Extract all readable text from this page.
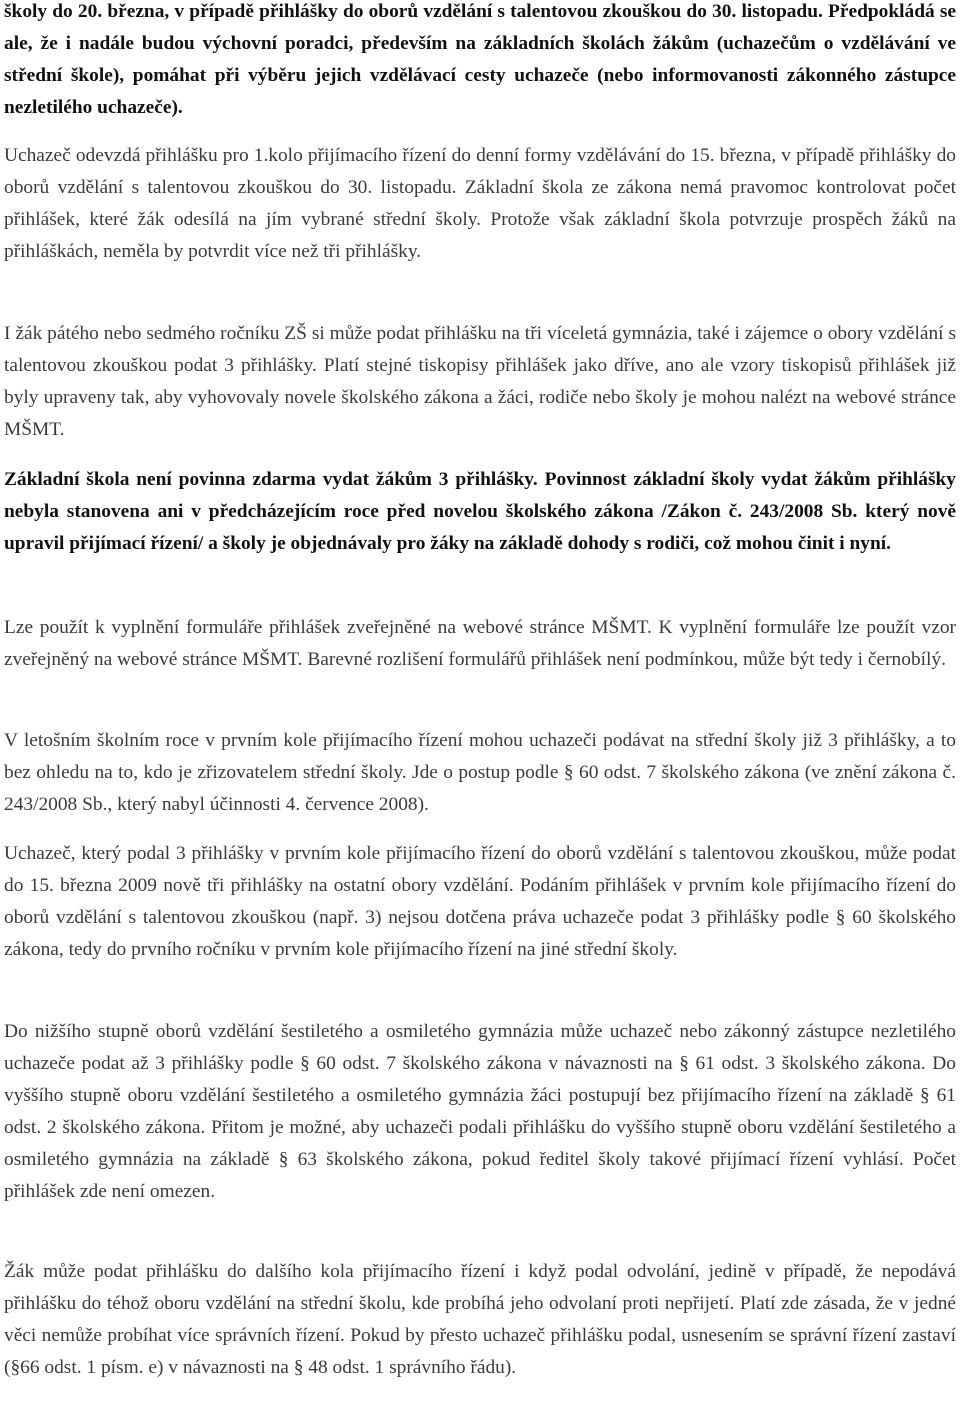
školy do 20. března, v případě přihlášky do oborů vzdělání s talentovou zkouškou do 30. listopadu. Předpokládá se ale, že i nadále budou výchovní poradci, především na základních školách žákům (uchazečům o vzdělávání ve střední škole), pomáhat při výběru jejich vzdělávací cesty uchazeče (nebo informovanosti zákonného zástupce nezletilého uchazeče).

Uchazeč odevzdá přihlášku pro 1.kolo přijímacího řízení do denní formy vzdělávání do 15. března, v případě přihlášky do oborů vzdělání s talentovou zkouškou do 30. listopadu. Základní škola ze zákona nemá pravomoc kontrolovat počet přihlášek, které žák odesílá na jím vybrané střední školy. Protože však základní škola potvrzuje prospěch žáků na přihláškách, neměla by potvrdit více než tři přihlášky.

I žák pátého nebo sedmého ročníku ZŠ si může podat přihlášku na tři víceletá gymnázia, také i zájemce o obory vzdělání s talentovou zkouškou podat 3 přihlášky. Platí stejné tiskopisy přihlášek jako dříve, ano ale vzory tiskopisů přihlášek již byly upraveny tak, aby vyhovovaly novele školského zákona a žáci, rodiče nebo školy je mohou nalézt na webové stránce MŠMT.

Základní škola není povinna zdarma vydat žákům 3 přihlášky. Povinnost základní školy vydat žákům přihlášky nebyla stanovena ani v předcházejícím roce před novelou školského zákona /Zákon č. 243/2008 Sb. který nově upravil přijímací řízení/ a školy je objednávaly pro žáky na základě dohody s rodiči, což mohou činit i nyní.

Lze použít k vyplnění formuláře přihlášek zveřejněné na webové stránce MŠMT. K vyplnění formuláře lze použít vzor zveřejněný na webové stránce MŠMT. Barevné rozlišení formulářů přihlášek není podmínkou, může být tedy i černobílý.

V letošním školním roce v prvním kole přijímacího řízení mohou uchazeči podávat na střední školy již 3 přihlášky, a to bez ohledu na to, kdo je zřizovatelem střední školy. Jde o postup podle § 60 odst. 7 školského zákona (ve znění zákona č. 243/2008 Sb., který nabyl účinnosti 4. července 2008).

Uchazeč, který podal 3 přihlášky v prvním kole přijímacího řízení do oborů vzdělání s talentovou zkouškou, může podat do 15. března 2009 nově tři přihlášky na ostatní obory vzdělání. Podáním přihlášek v prvním kole přijímacího řízení do oborů vzdělání s talentovou zkouškou (např. 3) nejsou dotčena práva uchazeče podat 3 přihlášky podle § 60 školského zákona, tedy do prvního ročníku v prvním kole přijímacího řízení na jiné střední školy.

Do nižšího stupně oborů vzdělání šestiletého a osmiletého gymnázia může uchazeč nebo zákonný zástupce nezletilého uchazeče podat až 3 přihlášky podle § 60 odst. 7 školského zákona v návaznosti na § 61 odst. 3 školského zákona. Do vyššího stupně oboru vzdělání šestiletého a osmiletého gymnázia žáci postupují bez přijímacího řízení na základě § 61 odst. 2 školského zákona. Přitom je možné, aby uchazeči podali přihlášku do vyššího stupně oboru vzdělání šestiletého a osmiletého gymnázia na základě § 63 školského zákona, pokud ředitel školy takové přijímací řízení vyhlásí. Počet přihlášek zde není omezen.

Žák může podat přihlášku do dalšího kola přijímacího řízení i když podal odvolání, jedině v případě, že nepodává přihlášku do téhož oboru vzdělání na střední školu, kde probíhá jeho odvolaní proti nepřijetí. Platí zde zásada, že v jedné věci nemůže probíhat více správních řízení. Pokud by přesto uchazeč přihlášku podal, usnesením se správní řízení zastaví (§66 odst. 1 písm. e) v návaznosti na § 48 odst. 1 správního řádu).
